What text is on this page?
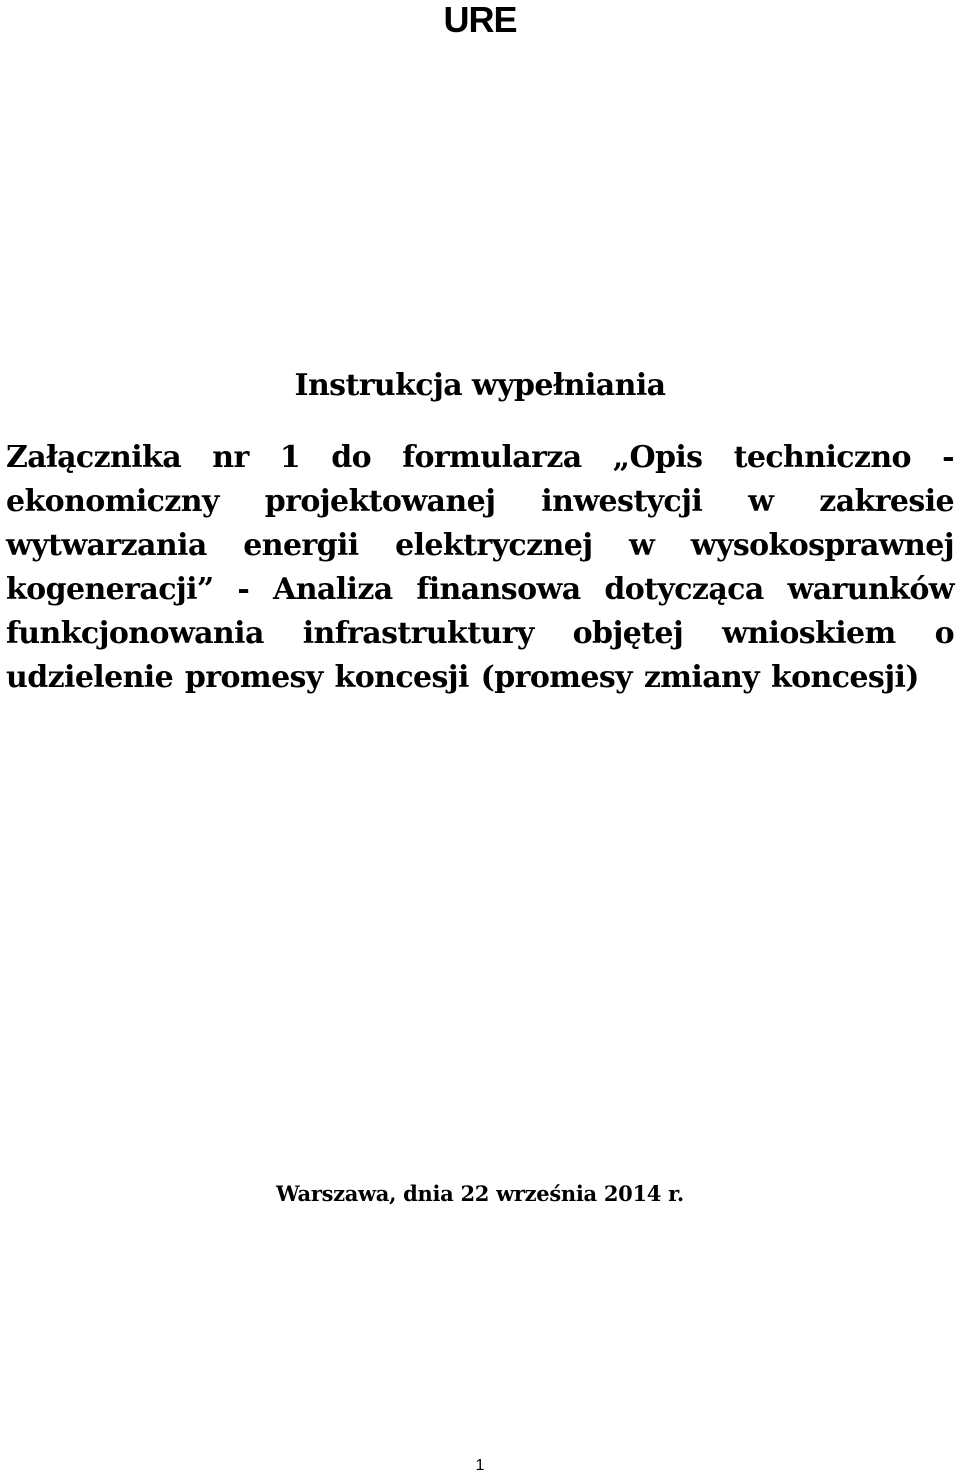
URE
Instrukcja wypełniania
Załącznika nr 1 do formularza „Opis techniczno - ekonomiczny projektowanej inwestycji w zakresie wytwarzania energii elektrycznej w wysokosprawnej kogeneracji” - Analiza finansowa dotycząca warunków funkcjonowania infrastruktury objętej wnioskiem o udzielenie promesy koncesji (promesy zmiany koncesji)
Warszawa, dnia 22 września 2014 r.
1
